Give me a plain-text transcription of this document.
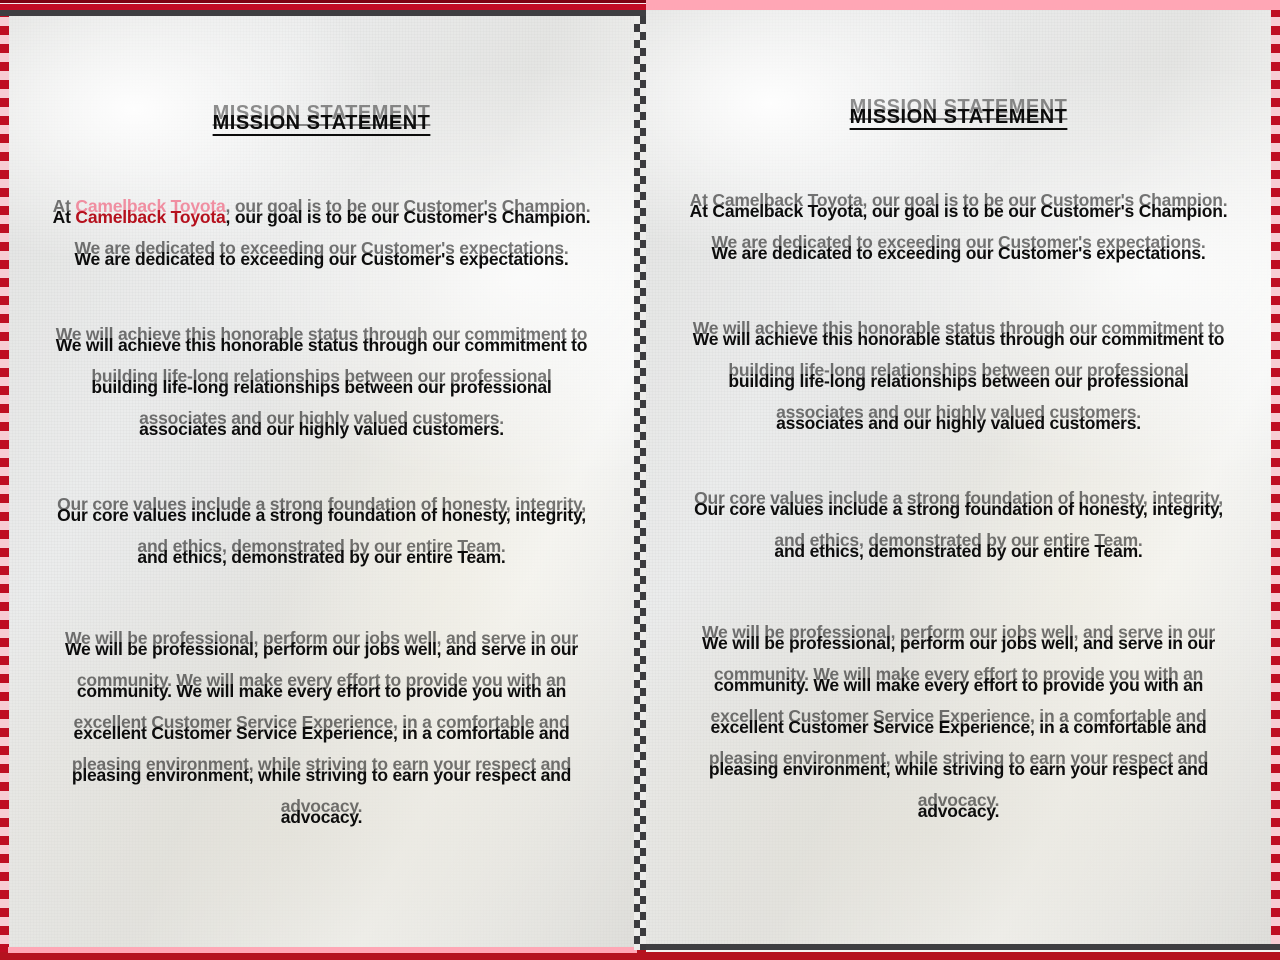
MISSION STATEMENT
At Camelback Toyota, our goal is to be our Customer's Champion. We are dedicated to exceeding our Customer's expectations.
We will achieve this honorable status through our commitment to building life-long relationships between our professional associates and our highly valued customers.
Our core values include a strong foundation of honesty, integrity, and ethics, demonstrated by our entire Team.
We will be professional, perform our jobs well, and serve in our community. We will make every effort to provide you with an excellent Customer Service Experience, in a comfortable and pleasing environment, while striving to earn your respect and advocacy.
MISSION STATEMENT
At Camelback Toyota, our goal is to be our Customer's Champion. We are dedicated to exceeding our Customer's expectations.
We will achieve this honorable status through our commitment to building life-long relationships between our professional associates and our highly valued customers.
Our core values include a strong foundation of honesty, integrity, and ethics, demonstrated by our entire Team.
We will be professional, perform our jobs well, and serve in our community. We will make every effort to provide you with an excellent Customer Service Experience, in a comfortable and pleasing environment, while striving to earn your respect and advocacy.
